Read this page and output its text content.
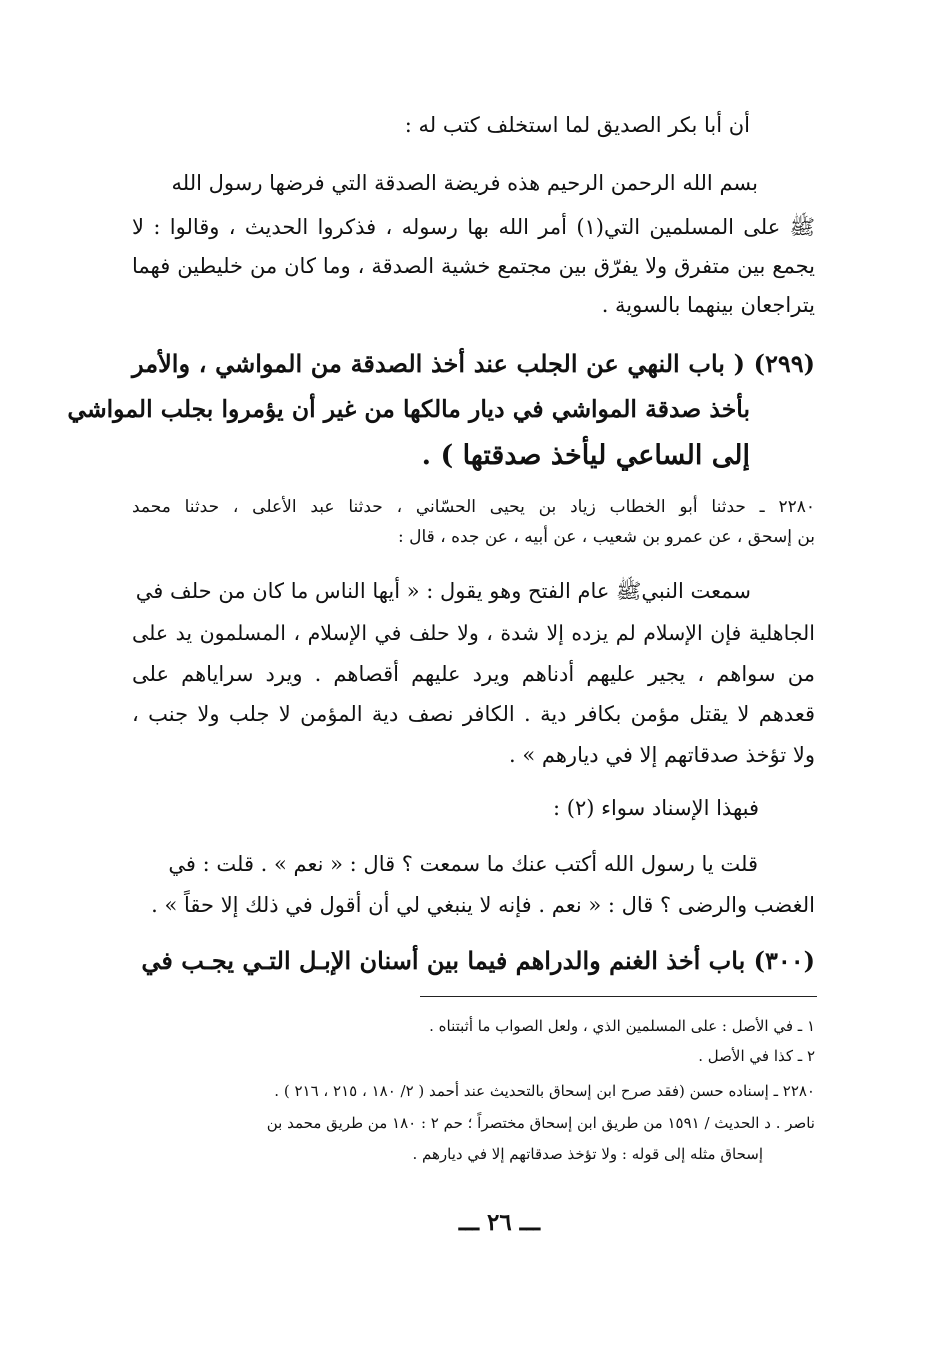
أن أبا بكر الصديق لما استخلف كتب له :
بسم الله الرحمن الرحيم هذه فريضة الصدقة التي فرضها رسول الله
ﷺ على المسلمين التي(١) أمر الله بها رسوله ، فذكروا الحديث ، وقالوا : لا
يجمع بين متفرق ولا يفرّق بين مجتمع خشية الصدقة ، وما كان من خليطين فهما
يتراجعان بينهما بالسوية .
(٢٩٩) ( باب النهي عن الجلب عند أخذ الصدقة من المواشي ، والأمر
بأخذ صدقة المواشي في ديار مالكها من غير أن يؤمروا بجلب المواشي
إلى الساعي ليأخذ صدقتها ) .
٢٢٨٠ ـ حدثنا أبو الخطاب زياد بن يحيى الحسّاني ، حدثنا عبد الأعلى ، حدثنا محمد
بن إسحق ، عن عمرو بن شعيب ، عن أبيه ، عن جده ، قال :
سمعت النبيﷺ عام الفتح وهو يقول : « أيها الناس ما كان من حلف في
الجاهلية فإن الإسلام لم يزده إلا شدة ، ولا حلف في الإسلام ، المسلمون يد على
من سواهم ، يجير عليهم أدناهم ويرد عليهم أقصاهم . ويرد سراياهم على
قعدهم لا يقتل مؤمن بكافر دية . الكافر نصف دية المؤمن لا جلب ولا جنب ،
ولا تؤخذ صدقاتهم إلا في ديارهم » .
فبهذا الإسناد سواء (٢) :
قلت يا رسول الله أكتب عنك ما سمعت ؟ قال : « نعم » . قلت : في
الغضب والرضى ؟ قال : « نعم . فإنه لا ينبغي لي أن أقول في ذلك إلا حقاً » .
(٣٠٠) باب أخذ الغنم والدراهم فيما بين أسنان الإبـل التـي يجـب في
١ ـ في الأصل : على المسلمين الذي ، ولعل الصواب ما أثبتناه .
٢ ـ كذا في الأصل .
٢٢٨٠ ـ إسناده حسن (فقد صرح ابن إسحاق بالتحديث عند أحمد ( ٢/ ١٨٠ ، ٢١٥ ، ٢١٦ ) .
ناصر . د الحديث / ١٥٩١ من طريق ابن إسحاق مختصراً ؛ حم ٢ : ١٨٠ من طريق محمد بن
إسحاق مثله إلى قوله : ولا تؤخذ صدقاتهم إلا في ديارهم .
ـــ ٢٦ ـــ
